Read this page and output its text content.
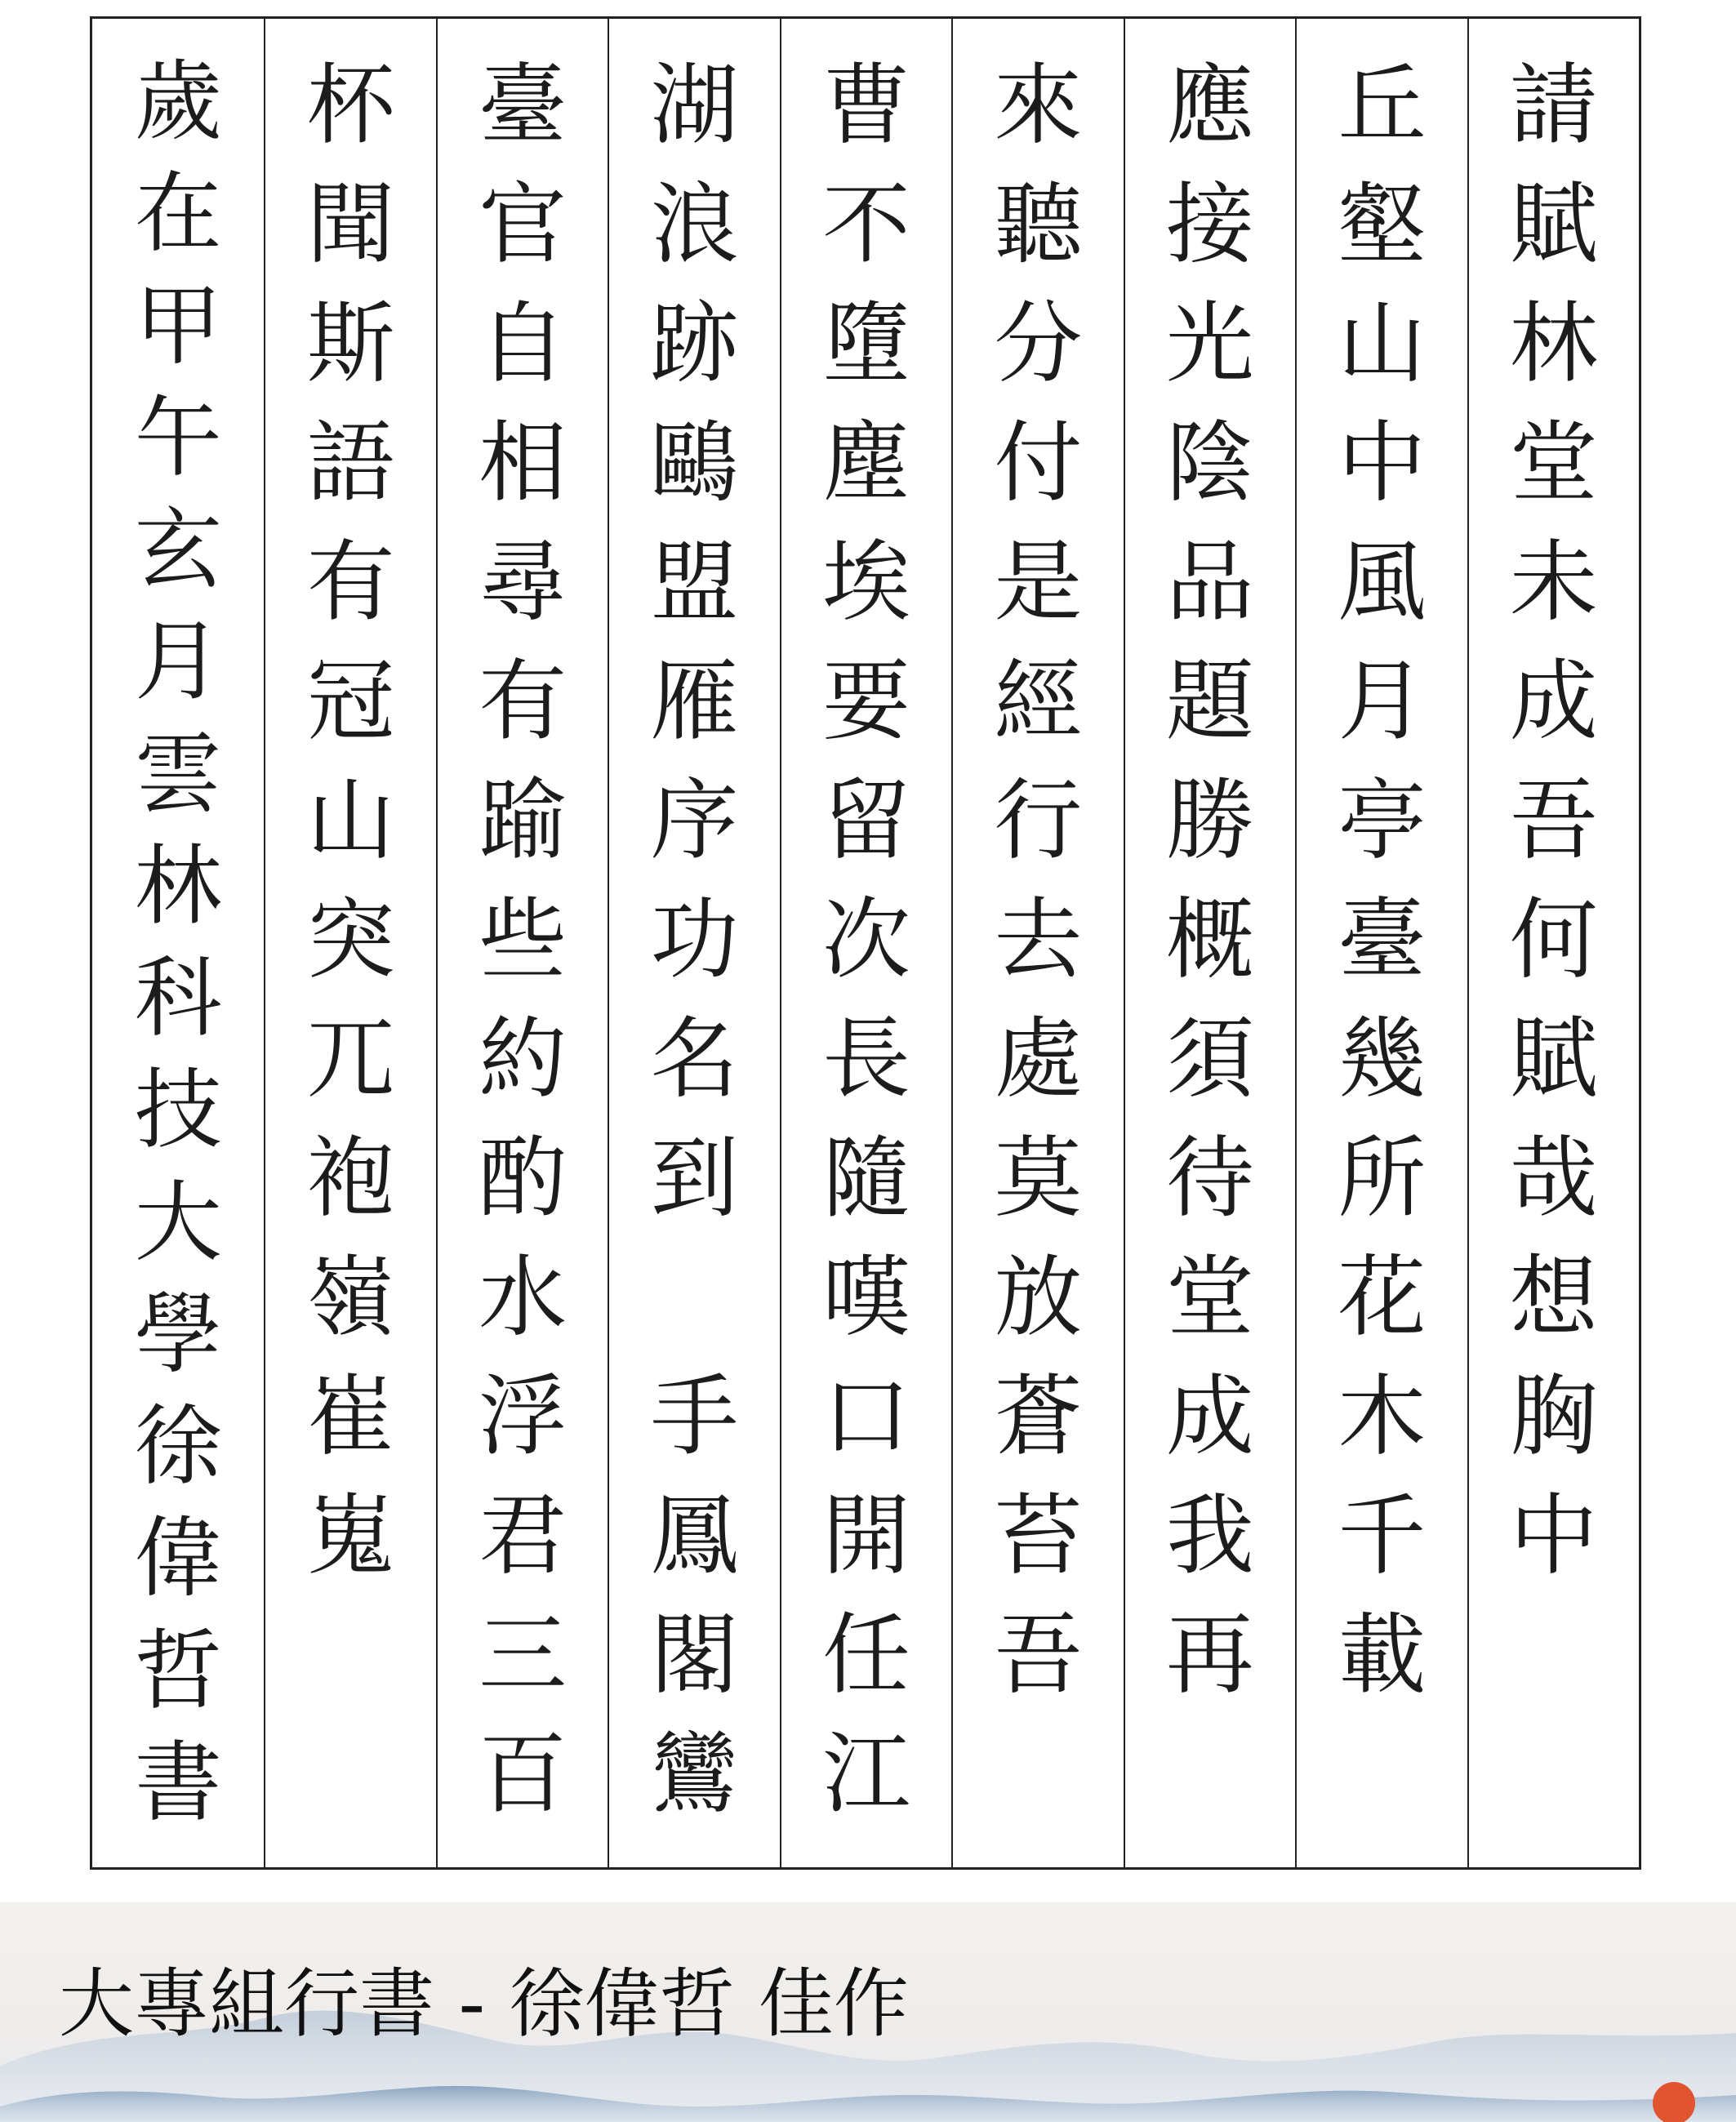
請
賦
林
堂
未
成
吾
何
賦
哉
想
胸
中
丘
壑
山
中
風
月
亭
臺
幾
所
花
木
千
載
應
接
光
陰
品
題
勝
概
須
待
堂
成
我
再
來
聽
分
付
是
經
行
去
處
莫
放
蒼
苔
吾
曹
不
墮
塵
埃
要
留
次
長
隨
嘆
口
開
任
江
湖
浪
跡
鷗
盟
雁
序
功
名
到
手
鳳
閣
鸞
臺
官
自
相
尋
有
踰
些
約
酌
水
浮
君
三
百
杯
聞
斯
語
有
冠
山
突
兀
袍
嶺
崔
嵬
歲
在
甲
午
玄
月
雲
林
科
技
大
學
徐
偉
哲
書
大專組行書 - 徐偉哲 佳作
